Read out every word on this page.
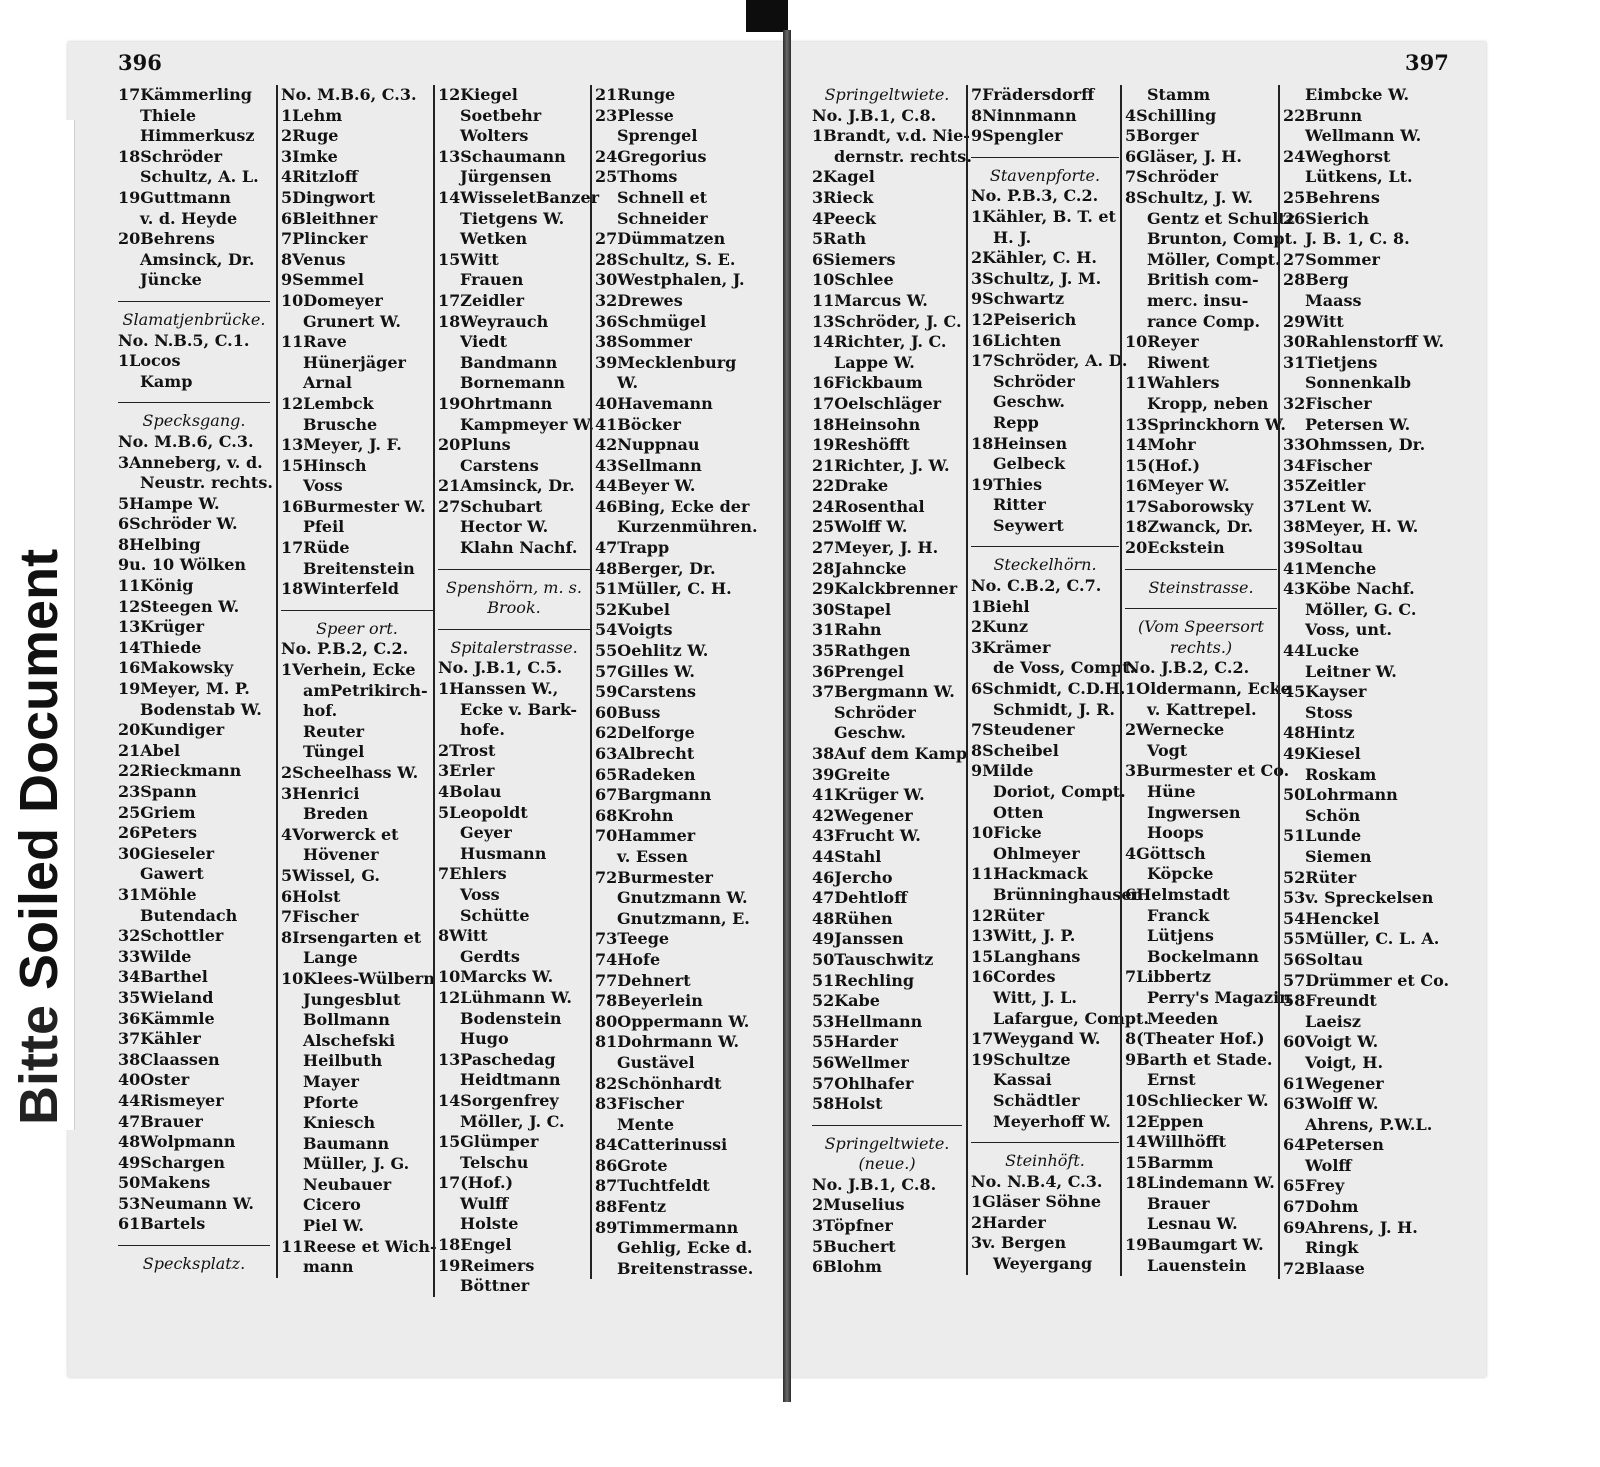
396	397
17Kämmerling
Thiele
Himmerkusz
18Schröder
Schultz, A. L.
19Guttmann
v. d. Heyde
20Behrens
Amsinck, Dr.
Jüncke
Slamatjenbrücke.
No. N.B.5, C.1.
1Locos
Kamp
Specksgang.
No. M.B.6, C.3.
3Anneberg, v. d.
Neustr. rechts.
5Hampe W.
6Schröder W.
8Helbing
9u. 10 Wölken
11König
12Steegen W.
13Krüger
14Thiede
16Makowsky
19Meyer, M. P.
Bodenstab W.
20Kundiger
21Abel
22Rieckmann
23Spann
25Griem
26Peters
30Gieseler
Gawert
31Möhle
Butendach
32Schottler
33Wilde
34Barthel
35Wieland
36Kämmle
37Kähler
38Claassen
40Oster
44Rismeyer
47Brauer
48Wolpmann
49Schargen
50Makens
53Neumann W.
61Bartels
Specksplatz.
No. M.B.6, C.3.
1Lehm
2Ruge
3Imke
4Ritzloff
5Dingwort
6Bleithner
7Plincker
8Venus
9Semmel
10Domeyer
Grunert W.
11Rave
Hünerjäger
Arnal
12Lembck
Brusche
13Meyer, J. F.
15Hinsch
Voss
16Burmester W.
Pfeil
17Rüde
Breitenstein
18Winterfeld
Speer ort.
No. P.B.2, C.2.
1Verhein, Ecke
amPetrikirch-
hof.
Reuter
Tüngel
2Scheelhass W.
3Henrici
Breden
4Vorwerck et
Hövener
5Wissel, G.
6Holst
7Fischer
8Irsengarten et
Lange
10Klees-Wülbern
Jungesblut
Bollmann
Alschefski
Heilbuth
Mayer
Pforte
Kniesch
Baumann
Müller, J. G.
Neubauer
Cicero
Piel W.
11Reese et Wich-
mann
12Kiegel
Soetbehr
Wolters
13Schaumann
Jürgensen
14WisseletBanzer
Tietgens W.
Wetken
15Witt
Frauen
17Zeidler
18Weyrauch
Viedt
Bandmann
Bornemann
19Ohrtmann
Kampmeyer W.
20Pluns
Carstens
21Amsinck, Dr.
27Schubart
Hector W.
Klahn Nachf.
Spenshörn, m. s.
Brook.
Spitalerstrasse.
No. J.B.1, C.5.
1Hanssen W.,
Ecke v. Bark-
hofe.
2Trost
3Erler
4Bolau
5Leopoldt
Geyer
Husmann
7Ehlers
Voss
Schütte
8Witt
Gerdts
10Marcks W.
12Lühmann W.
Bodenstein
Hugo
13Paschedag
Heidtmann
14Sorgenfrey
Möller, J. C.
15Glümper
Telschu
17(Hof.)
Wulff
Holste
18Engel
19Reimers
Böttner
21Runge
23Plesse
Sprengel
24Gregorius
25Thoms
Schnell et
Schneider
27Dümmatzen
28Schultz, S. E.
30Westphalen, J.
32Drewes
36Schmügel
38Sommer
39Mecklenburg
W.
40Havemann
41Böcker
42Nuppnau
43Sellmann
44Beyer W.
46Bing, Ecke der
Kurzenmühren.
47Trapp
48Berger, Dr.
51Müller, C. H.
52Kubel
54Voigts
55Oehlitz W.
57Gilles W.
59Carstens
60Buss
62Delforge
63Albrecht
65Radeken
67Bargmann
68Krohn
70Hammer
v. Essen
72Burmester
Gnutzmann W.
Gnutzmann, E.
73Teege
74Hofe
77Dehnert
78Beyerlein
80Oppermann W.
81Dohrmann W.
Gustävel
82Schönhardt
83Fischer
Mente
84Catterinussi
86Grote
87Tuchtfeldt
88Fentz
89Timmermann
Gehlig, Ecke d.
Breitenstrasse.
Springeltwiete.
No. J.B.1, C.8.
1Brandt, v.d. Nie-
dernstr. rechts.
2Kagel
3Rieck
4Peeck
5Rath
6Siemers
10Schlee
11Marcus W.
13Schröder, J. C.
14Richter, J. C.
Lappe W.
16Fickbaum
17Oelschläger
18Heinsohn
19Reshöfft
21Richter, J. W.
22Drake
24Rosenthal
25Wolff W.
27Meyer, J. H.
28Jahncke
29Kalckbrenner
30Stapel
31Rahn
35Rathgen
36Prengel
37Bergmann W.
Schröder
Geschw.
38Auf dem Kamp
39Greite
41Krüger W.
42Wegener
43Frucht W.
44Stahl
46Jercho
47Dehtloff
48Rühen
49Janssen
50Tauschwitz
51Rechling
52Kabe
53Hellmann
55Harder
56Wellmer
57Ohlhafer
58Holst
Springeltwiete.
(neue.)
No. J.B.1, C.8.
2Muselius
3Töpfner
5Buchert
6Blohm
7Frädersdorff
8Ninnmann
9Spengler
Stavenpforte.
No. P.B.3, C.2.
1Kähler, B. T. et
H. J.
2Kähler, C. H.
3Schultz, J. M.
9Schwartz
12Peiserich
16Lichten
17Schröder, A. D.
Schröder
Geschw.
Repp
18Heinsen
Gelbeck
19Thies
Ritter
Seywert
Steckelhörn.
No. C.B.2, C.7.
1Biehl
2Kunz
3Krämer
de Voss, Compt.
6Schmidt, C.D.H.
Schmidt, J. R.
7Steudener
8Scheibel
9Milde
Doriot, Compt.
Otten
10Ficke
Ohlmeyer
11Hackmack
Brünninghausen
12Rüter
13Witt, J. P.
15Langhans
16Cordes
Witt, J. L.
Lafargue, Compt.
17Weygand W.
19Schultze
Kassai
Schädtler
Meyerhoff W.
Steinhöft.
No. N.B.4, C.3.
1Gläser Söhne
2Harder
3v. Bergen
Weyergang
Stamm
4Schilling
5Borger
6Gläser, J. H.
7Schröder
8Schultz, J. W.
Gentz et Schultz
Brunton, Compt.
Möller, Compt.
British com-
merc. insu-
rance Comp.
10Reyer
Riwent
11Wahlers
Kropp, neben
13Sprinckhorn W.
14Mohr
15(Hof.)
16Meyer W.
17Saborowsky
18Zwanck, Dr.
20Eckstein
Steinstrasse.
(Vom Speersort
rechts.)
No. J.B.2, C.2.
1Oldermann, Ecke
v. Kattrepel.
2Wernecke
Vogt
3Burmester et Co.
Hüne
Ingwersen
Hoops
4Göttsch
Köpcke
6Helmstadt
Franck
Lütjens
Bockelmann
7Libbertz
Perry's Magazin
Meeden
8(Theater Hof.)
9Barth et Stade.
Ernst
10Schliecker W.
12Eppen
14Willhöfft
15Barmm
18Lindemann W.
Brauer
Lesnau W.
19Baumgart W.
Lauenstein
Eimbcke W.
22Brunn
Wellmann W.
24Weghorst
Lütkens, Lt.
25Behrens
26Sierich
J. B. 1, C. 8.
27Sommer
28Berg
Maass
29Witt
30Rahlenstorff W.
31Tietjens
Sonnenkalb
32Fischer
Petersen W.
33Ohmssen, Dr.
34Fischer
35Zeitler
37Lent W.
38Meyer, H. W.
39Soltau
41Menche
43Köbe Nachf.
Möller, G. C.
Voss, unt.
44Lucke
Leitner W.
45Kayser
Stoss
48Hintz
49Kiesel
Roskam
50Lohrmann
Schön
51Lunde
Siemen
52Rüter
53v. Spreckelsen
54Henckel
55Müller, C. L. A.
56Soltau
57Drümmer et Co.
58Freundt
Laeisz
60Voigt W.
Voigt, H.
61Wegener
63Wolff W.
Ahrens, P.W.L.
64Petersen
Wolff
65Frey
67Dohm
69Ahrens, J. H.
Ringk
72Blaase
Bitte Soiled Document
